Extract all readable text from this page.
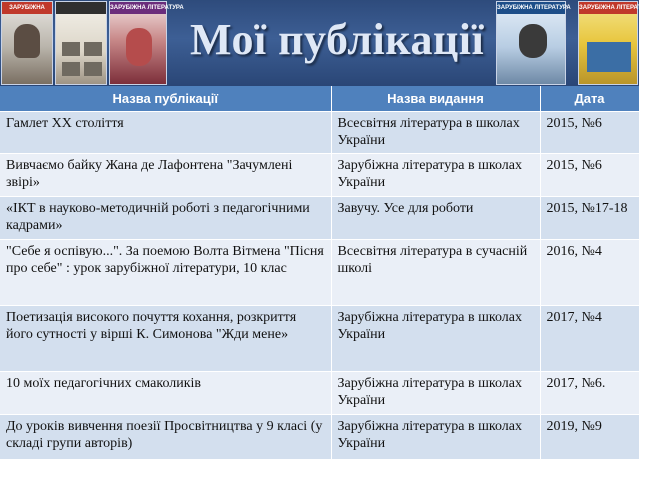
ЗАРУБІЖНА	ЗАРУБІЖНА ЛІТЕРАТУРА
Мої публікації
ЗАРУБІЖНА ЛІТЕРАТУРА ЗАРУБІЖНА ЛІТЕРАТУРА
Назва публікації	Назва видання	Дата
Гамлет XX століття	Всесвітня література в школах України	2015, №6
Вивчаємо байку Жана де Лафонтена "Зачумлені звірі»	Зарубіжна література в школах України	2015, №6
«ІКТ в науково-методичній роботі з педагогічними кадрами»	Завучу. Усе для роботи	2015, №17-18
"Себе я оспівую...". За поемою Волта Вітмена "Пісня про себе" : урок зарубіжної літератури, 10 клас	Всесвітня література в сучасній школі	2016, №4
Поетизація високого почуття кохання, розкриття його сутності у вірші К. Симонова "Жди мене»	Зарубіжна література в школах України	2017, №4
10 моїх педагогічних смаколиків	Зарубіжна література в школах України	2017, №6.
До уроків вивчення поезії Просвітництва у 9 класі (у складі групи авторів)	Зарубіжна література в школах України	2019, №9
